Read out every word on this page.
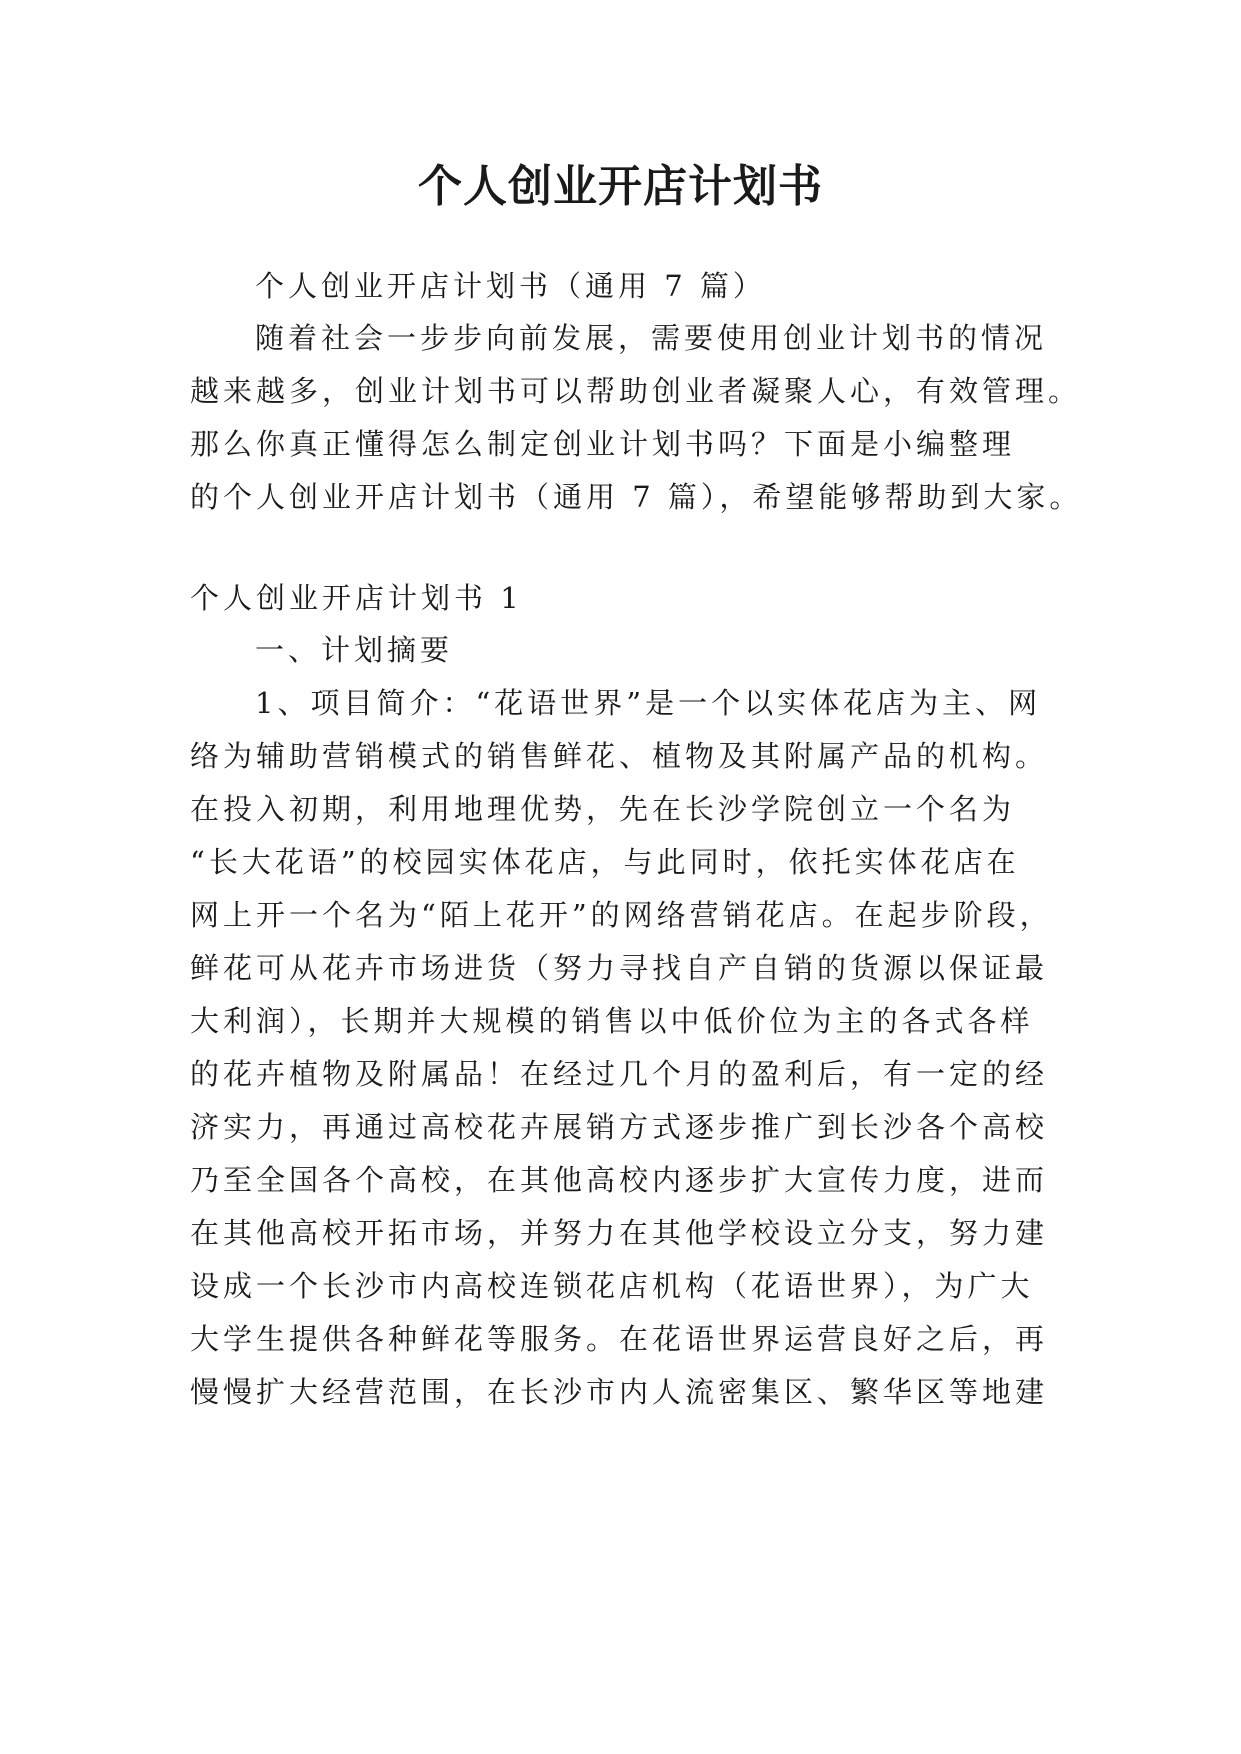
个人创业开店计划书

个人创业开店计划书（通用 7 篇）

随着社会一步步向前发展，需要使用创业计划书的情况

越来越多，创业计划书可以帮助创业者凝聚人心，有效管理。

那么你真正懂得怎么制定创业计划书吗？下面是小编整理

的个人创业开店计划书（通用 7 篇），希望能够帮助到大家。

个人创业开店计划书 1

一、计划摘要

1、项目简介：“花语世界”是一个以实体花店为主、网

络为辅助营销模式的销售鲜花、植物及其附属产品的机构。

在投入初期，利用地理优势，先在长沙学院创立一个名为

“长大花语”的校园实体花店，与此同时，依托实体花店在

网上开一个名为“陌上花开”的网络营销花店。在起步阶段，

鲜花可从花卉市场进货（努力寻找自产自销的货源以保证最

大利润），长期并大规模的销售以中低价位为主的各式各样

的花卉植物及附属品！在经过几个月的盈利后，有一定的经

济实力，再通过高校花卉展销方式逐步推广到长沙各个高校

乃至全国各个高校，在其他高校内逐步扩大宣传力度，进而

在其他高校开拓市场，并努力在其他学校设立分支，努力建

设成一个长沙市内高校连锁花店机构（花语世界），为广大

大学生提供各种鲜花等服务。在花语世界运营良好之后，再

慢慢扩大经营范围，在长沙市内人流密集区、繁华区等地建
